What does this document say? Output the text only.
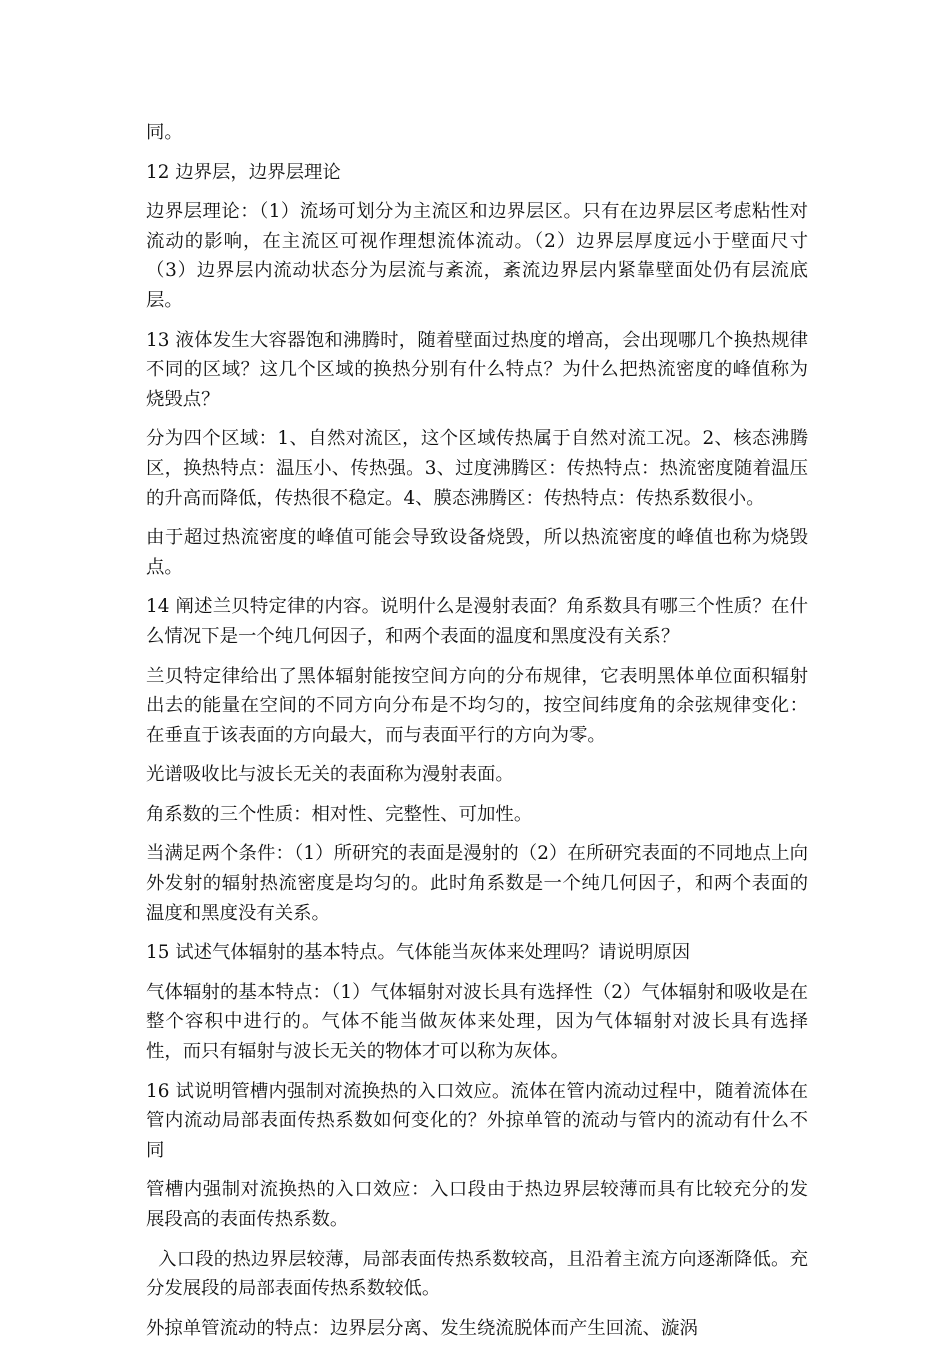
同。

12 边界层，边界层理论

边界层理论：（1）流场可划分为主流区和边界层区。只有在边界层区考虑粘性对流动的影响，在主流区可视作理想流体流动。（2）边界层厚度远小于壁面尺寸 （3）边界层内流动状态分为层流与紊流，紊流边界层内紧靠壁面处仍有层流底层。

13 液体发生大容器饱和沸腾时，随着壁面过热度的增高，会出现哪几个换热规律不同的区域？这几个区域的换热分别有什么特点？为什么把热流密度的峰值称为烧毁点？

分为四个区域：1、自然对流区，这个区域传热属于自然对流工况。2、核态沸腾区，换热特点：温压小、传热强。3、过度沸腾区：传热特点：热流密度随着温压的升高而降低，传热很不稳定。4、膜态沸腾区：传热特点：传热系数很小。

由于超过热流密度的峰值可能会导致设备烧毁，所以热流密度的峰值也称为烧毁点。

14 阐述兰贝特定律的内容。说明什么是漫射表面？角系数具有哪三个性质？在什么情况下是一个纯几何因子，和两个表面的温度和黑度没有关系？

兰贝特定律给出了黑体辐射能按空间方向的分布规律，它表明黑体单位面积辐射出去的能量在空间的不同方向分布是不均匀的，按空间纬度角的余弦规律变化：在垂直于该表面的方向最大，而与表面平行的方向为零。

光谱吸收比与波长无关的表面称为漫射表面。

角系数的三个性质：相对性、完整性、可加性。

当满足两个条件：（1）所研究的表面是漫射的（2）在所研究表面的不同地点上向外发射的辐射热流密度是均匀的。此时角系数是一个纯几何因子，和两个表面的温度和黑度没有关系。

15 试述气体辐射的基本特点。气体能当灰体来处理吗？请说明原因

气体辐射的基本特点：（1）气体辐射对波长具有选择性（2）气体辐射和吸收是在整个容积中进行的。气体不能当做灰体来处理，因为气体辐射对波长具有选择性，而只有辐射与波长无关的物体才可以称为灰体。

16 试说明管槽内强制对流换热的入口效应。流体在管内流动过程中，随着流体在管内流动局部表面传热系数如何变化的？外掠单管的流动与管内的流动有什么不同

管槽内强制对流换热的入口效应：入口段由于热边界层较薄而具有比较充分的发展段高的表面传热系数。

入口段的热边界层较薄，局部表面传热系数较高，且沿着主流方向逐渐降低。充分发展段的局部表面传热系数较低。

外掠单管流动的特点：边界层分离、发生绕流脱体而产生回流、漩涡
